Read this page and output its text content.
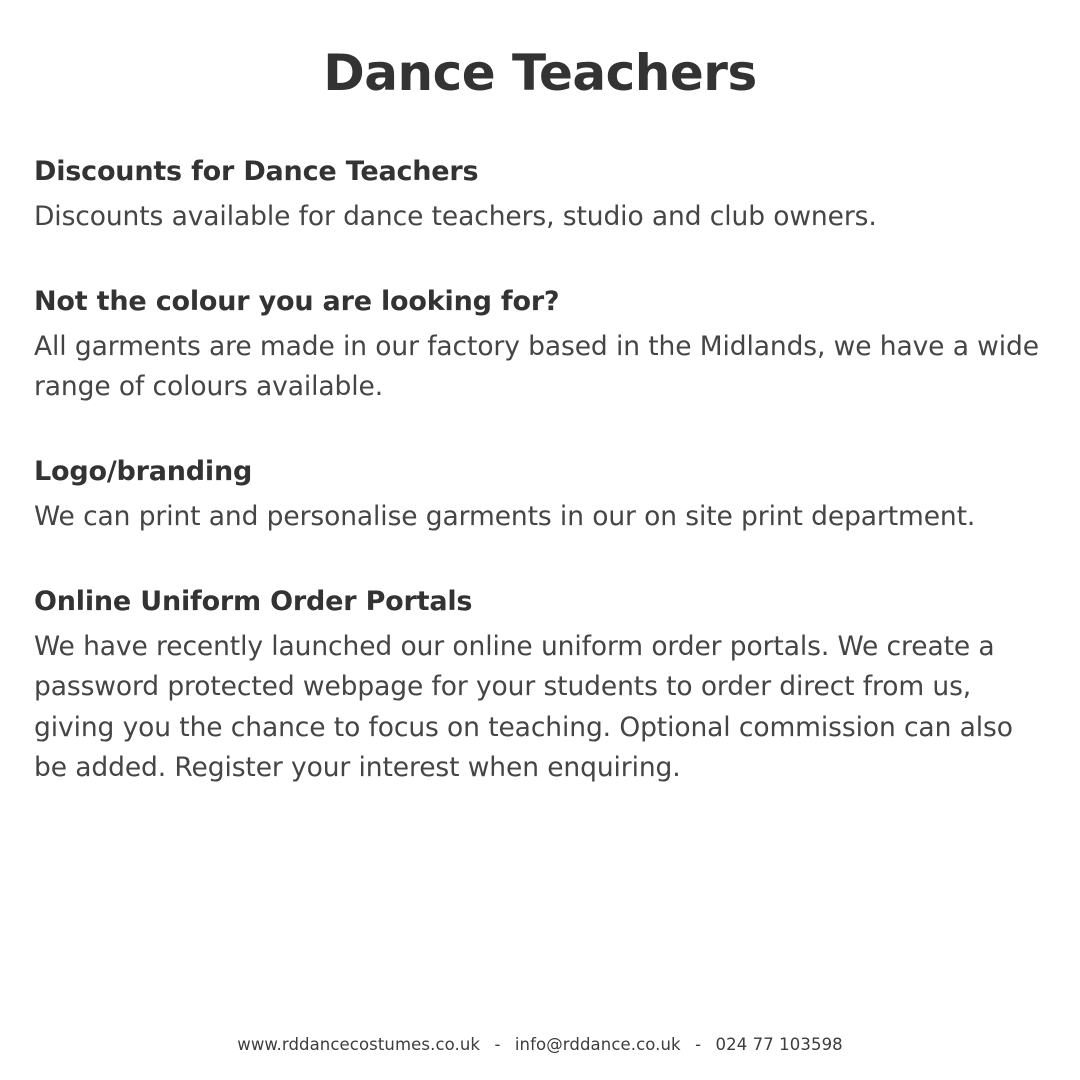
Dance Teachers
Discounts for Dance Teachers

Discounts available for dance teachers, studio and club owners.

Not the colour you are looking for?

All garments are made in our factory based in the Midlands, we have a wide range of colours available.

Logo/branding

We can print and personalise garments in our on site print department.

Online Uniform Order Portals

We have recently launched our online uniform order portals. We create a password protected webpage for your students to order direct from us, giving you the chance to focus on teaching. Optional commission can also be added. Register your interest when enquiring.

www.rddancecostumes.co.uk - info@rddance.co.uk - 024 77 103598
